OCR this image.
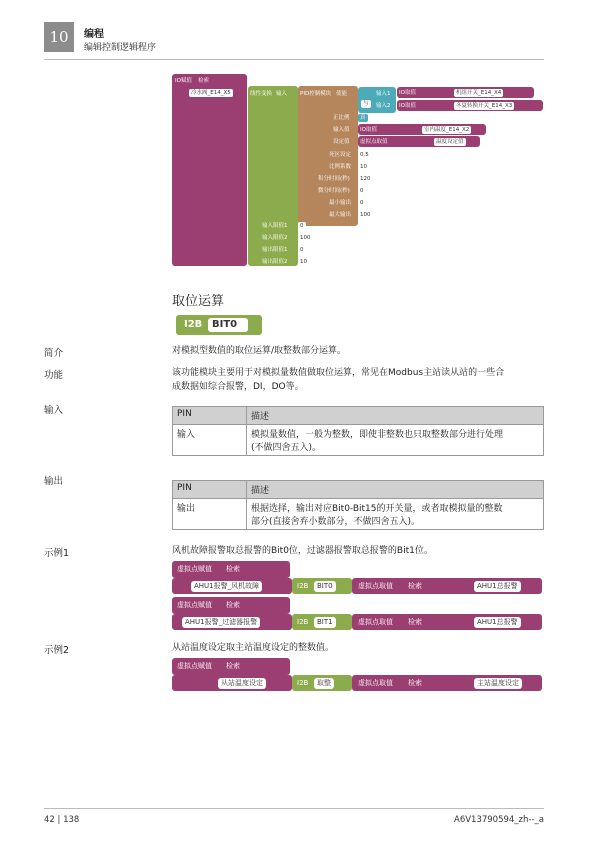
10	编程
编辑控制逻辑程序
IO赋值 检索
冷水阀_E14_X5	线性变换 输入 PID控制模块 使能
与
输入1
输入2
IO取值	机组开关_E14_X4
IO取值	冬夏转换开关_E14_X3
正比例	真
输入值 IO取值	室内温度_E14_X2
设定值 虚拟点取值	温度设定值
死区设定	0.5
比例系数	10
积分时间(秒)	120
微分时间(秒)	0
最小输出	0
最大输出	100
输入限值1	0
输入限值2	100
输出限值1	0
输出限值2	10
取位运算
I2B BIT0
简介	对模拟型数值的取位运算/取整数部分运算。
功能	该功能模块主要用于对模拟量数值做取位运算，常见在Modbus主站读从站的一些合
成数据如综合报警，DI，DO等。
输入	PIN	描述
输入	模拟量数值，一般为整数，即使非整数也只取整数部分进行处理
(不做四舍五入)。
输出
PIN	描述
输出	根据选择，输出对应Bit0-Bit15的开关量，或者取模拟量的整数
部分(直接舍弃小数部分，不做四舍五入)。
示例1	风机故障报警取总报警的Bit0位，过滤器报警取总报警的Bit1位。
虚拟点赋值 检索
AHU1报警_风机故障	I2B	BIT0	虚拟点取值 检索	AHU1总报警
虚拟点赋值 检索
AHU1报警_过滤器报警	I2B	BIT1	虚拟点取值 检索	AHU1总报警
示例2	从站温度设定取主站温度设定的整数值。
虚拟点赋值 检索
从站温度设定	I2B	取整	虚拟点取值 检索	主站温度设定
42 | 138	A6V13790594_zh--_a
